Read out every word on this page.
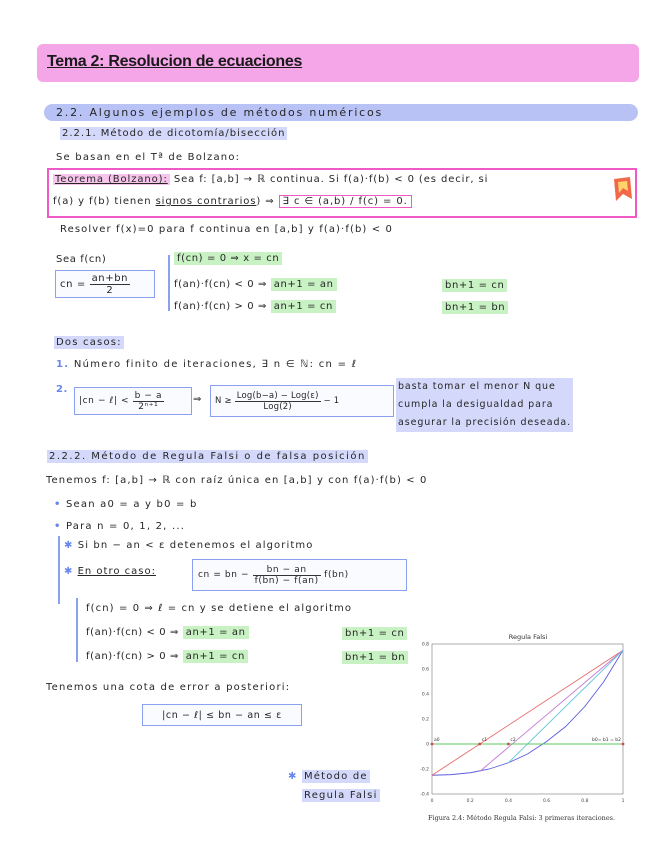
Tema 2: Resolucion de ecuaciones
2.2. Algunos ejemplos de métodos numéricos
2.2.1. Método de dicotomía/bisección
Se basan en el Tª de Bolzano:
Teorema (Bolzano): Sea f: [a,b] → ℝ continua. Si f(a)·f(b) < 0 (es decir, si
f(a) y f(b) tienen signos contrarios) ⇒ ∃ c ∈ (a,b) / f(c) = 0.
Resolver f(x)=0 para f continua en [a,b] y f(a)·f(b) < 0
Sea f(cn)
cn =
$\frac{an+bn}{2}$
f(cn) = 0 ⇒ x = cn
f(an)·f(cn) < 0 ⇒ an+1 = an	bn+1 = cn
f(an)·f(cn) > 0 ⇒ an+1 = cn	bn+1 = bn
Dos casos:
1. Número finito de iteraciones, ∃ n ∈ ℕ: cn = ℓ
2.
|cn − ℓ| <
$\frac{b - a}{\text{2ⁿ⁺¹}}$	⇒ N ≥
$\frac{\text{Log(b−a) − Log(ε)}}{\text{Log(2)}}$
− 1
basta tomar el menor N que
cumpla la desigualdad para
asegurar la precisión deseada.
2.2.2. Método de Regula Falsi o de falsa posición
Tenemos f: [a,b] → ℝ con raíz única en [a,b] y con f(a)·f(b) < 0
• Sean a0 = a y b0 = b
• Para n = 0, 1, 2, ...
✱ Si bn − an < ε detenemos el algoritmo
✱ En otro caso:	cn = bn −
$\frac{bn - an}{f(bn) - f(an)}$
f(bn)
f(cn) = 0 ⇒ ℓ = cn y se detiene el algoritmo
f(an)·f(cn) < 0 ⇒ an+1 = an	bn+1 = cn
f(an)·f(cn) > 0 ⇒ an+1 = cn	bn+1 = bn
Tenemos una cota de error a posteriori:
|cn − ℓ| ≤ bn − an ≤ ε
✱ Método de
Regula Falsi
Regula Falsi
0	0.2	0.4	0.6	0.8	1
-0.4
-0.2
0
0.2
0.4
0.6
0.8
a0	c1	c2	b0= b1 = b2
Figura 2.4: Método Regula Falsi: 3 primeras iteraciones.
